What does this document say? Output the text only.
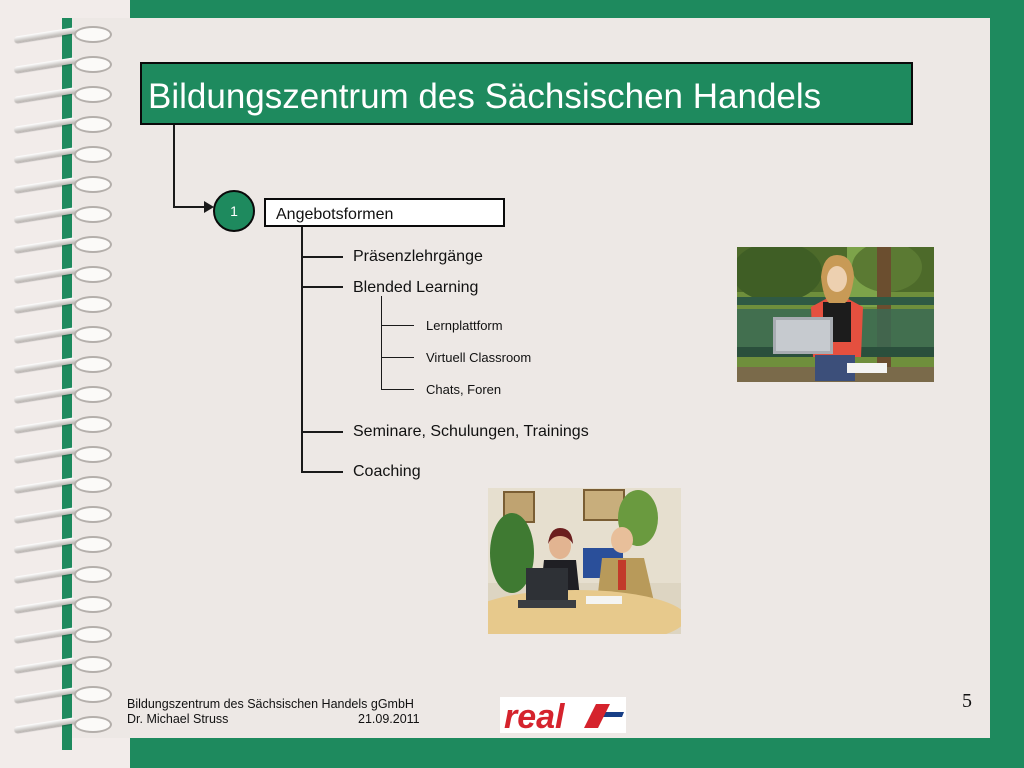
Bildungszentrum des Sächsischen Handels
1	Angebotsformen
Präsenzlehrgänge
Blended Learning
Seminare, Schulungen, Trainings
Coaching
Lernplattform
Virtuell Classroom
Chats, Foren
Bildungszentrum des Sächsischen Handels gGmbH
Dr. Michael Struss	21.09.2011 real	5
